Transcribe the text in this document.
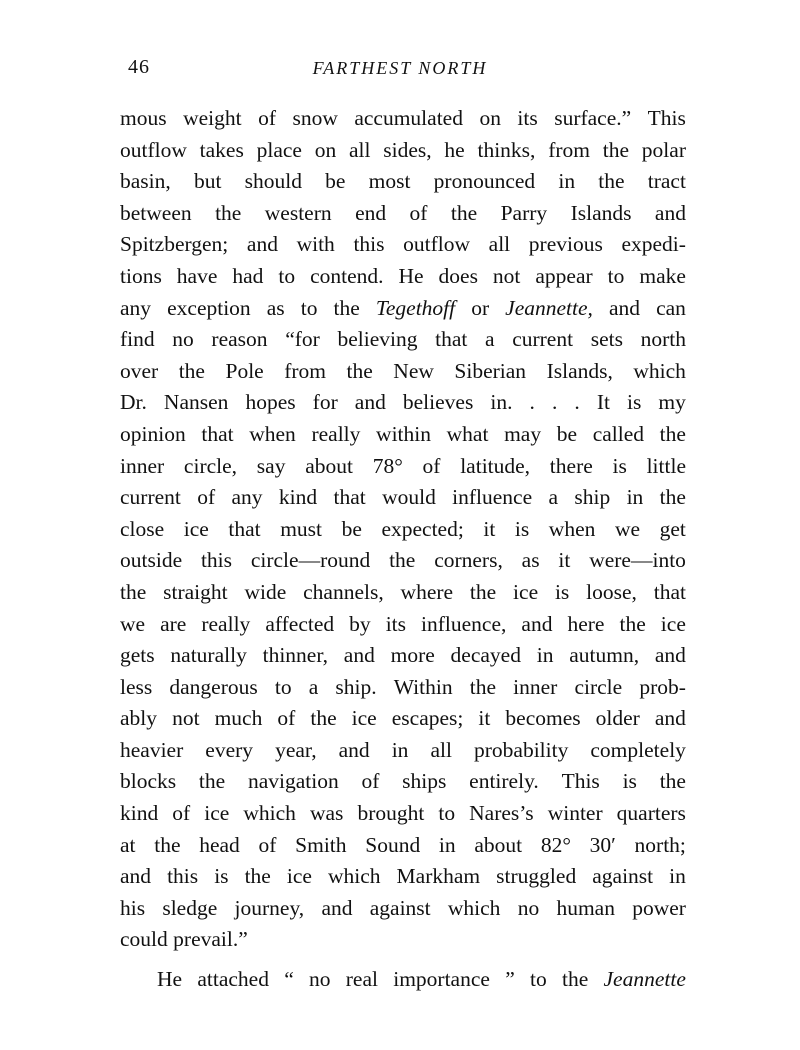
46	FARTHEST NORTH
mous weight of snow accumulated on its surface.” This
outflow takes place on all sides, he thinks, from the polar
basin, but should be most pronounced in the tract
between the western end of the Parry Islands and
Spitzbergen; and with this outflow all previous expedi-
tions have had to contend. He does not appear to make
any exception as to the Tegethoff or Jeannette, and can
find no reason “for believing that a current sets north
over the Pole from the New Siberian Islands, which
Dr. Nansen hopes for and believes in. . . . It is my
opinion that when really within what may be called the
inner circle, say about 78° of latitude, there is little
current of any kind that would influence a ship in the
close ice that must be expected; it is when we get
outside this circle—round the corners, as it were—into
the straight wide channels, where the ice is loose, that
we are really affected by its influence, and here the ice
gets naturally thinner, and more decayed in autumn, and
less dangerous to a ship. Within the inner circle prob-
ably not much of the ice escapes; it becomes older and
heavier every year, and in all probability completely
blocks the navigation of ships entirely. This is the
kind of ice which was brought to Nares’s winter quarters
at the head of Smith Sound in about 82° 30′ north;
and this is the ice which Markham struggled against in
his sledge journey, and against which no human power
could
prevail.”
He attached “ no real importance ” to the Jeannette
